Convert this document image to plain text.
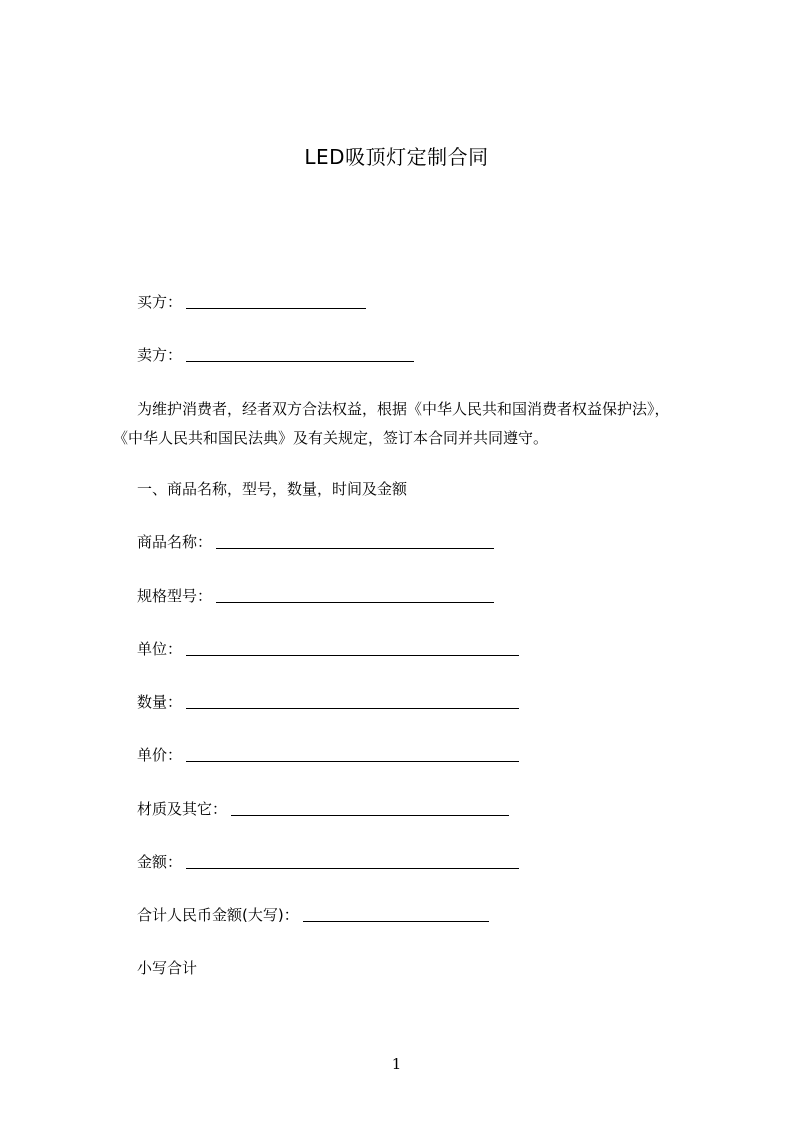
LED吸顶灯定制合同
买方：
卖方：
为维护消费者，经者双方合法权益，根据《中华人民共和国消费者权益保护法》，
《中华人民共和国民法典》及有关规定，签订本合同并共同遵守。
一、商品名称，型号，数量，时间及金额
商品名称：
规格型号：
单位：
数量：
单价：
材质及其它：
金额：
合计人民币金额(大写)：
小写合计
1
